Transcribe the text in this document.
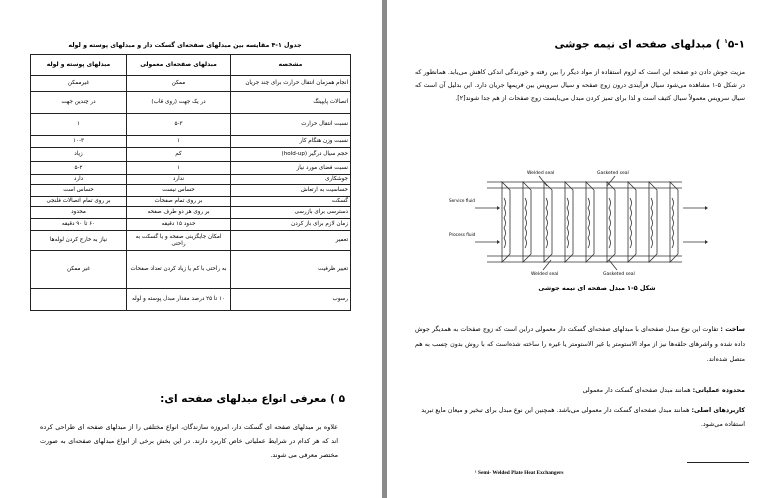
جدول ۱-۴ مقایسه بین مبدلهای صفحه‌ای گسکت دار و مبدلهای پوسته و لوله
مشخصه	مبدلهای صفحه‌ای معمولی	مبدلهای پوسته و لوله
انجام همزمان انتقال حرارت برای چند جریان	ممکن	غیرممکن
اتصالات پایپینگ	در یک جهت (روی قاب)	در چندین جهت
نسبت انتقال حرارت	۵-۳	۱
نسبت وزن هنگام کار	۱	۱۰-۳
حجم سیال درگیر (hold-up)	کم	زیاد
نسبت فضای مورد نیاز	۱	۵-۲
جوشکاری	ندارد	دارد
حساسیت به ارتعاش	حساس نیست	حساس است
گسکت	بر روی تمام صفحات	بر روی تمام اتصالات فلنجی
دسترسی برای بازرسی	بر روی هر دو طرف صفحه	محدود
زمان لازم برای باز کردن	حدود ۱۵ دقیقه	۶۰ تا ۹۰ دقیقه
تعمیر	امکان جایگزینی صفحه و یا گسکت به راحتی	نیاز به خارج کردن لوله‌ها
تغییر ظرفیت	به راحتی با کم یا زیاد کردن تعداد صفحات	غیر ممکن
رسوب	۱۰ تا ۲۵ درصد مقدار مبدل پوسته و لوله	
۵ ) معرفی انواع مبدلهای صفحه ای:
علاوه بر مبدلهای صفحه ای گسکت دار، امروزه سازندگان، انواع مختلفی را از مبدلهای صفحه ای طراحی کرده اند که هر کدام در شرایط عملیاتی خاص کاربرد دارند. در این بخش برخی از انواع مبدلهای صفحه‌ای به صورت مختصر معرفی می شوند.
$^۱$۵-۱ ) مبدلهای صفحه ای نیمه جوشی
مزیت جوش دادن دو صفحه این است که لزوم استفاده از مواد دیگر را بین رفته و خورندگی اندکی کاهش می‌یابد. همانطور که در شکل ۵-۱ مشاهده می‌شود سیال فرآیندی درون زوج صفحه و سیال سرویس بین فریمها جریان دارد. این بدلیل آن است که سیال سرویس معمولاً سیال کثیف است و لذا برای تمیز کردن مبدل می‌بایست زوج صفحات از هم جدا شوند[۲].
Welded seal	Gasketed seal
Service fluid
Process fluid
Welded seal	Gasketed seal
شکل ۵-۱ مبدل صفحه ای نیمه جوشی
ساخت : تفاوت این نوع مبدل صفحه‌ای با مبدلهای صفحه‌ای گسکت دار معمولی دراین است که زوج صفحات به همدیگر جوش داده شده و واشرهای حلقه‌ها نیز از مواد الاستومتر یا غیر الاستومتر یا غیره را ساخته شده‌است که با روش بدون چسب به هم متصل شده‌اند.
محدوده عملیاتی: همانند مبدل صفحه‌ای گسکت دار معمولی
کاربردهای اصلی: همانند مبدل صفحه‌ای گسکت دار معمولی می‌باشد. همچنین این نوع مبدل برای تبخیر و میعان مایع تبرید استفاده می‌شود.
¹ Semi- Welded Plate Heat Exchangers
